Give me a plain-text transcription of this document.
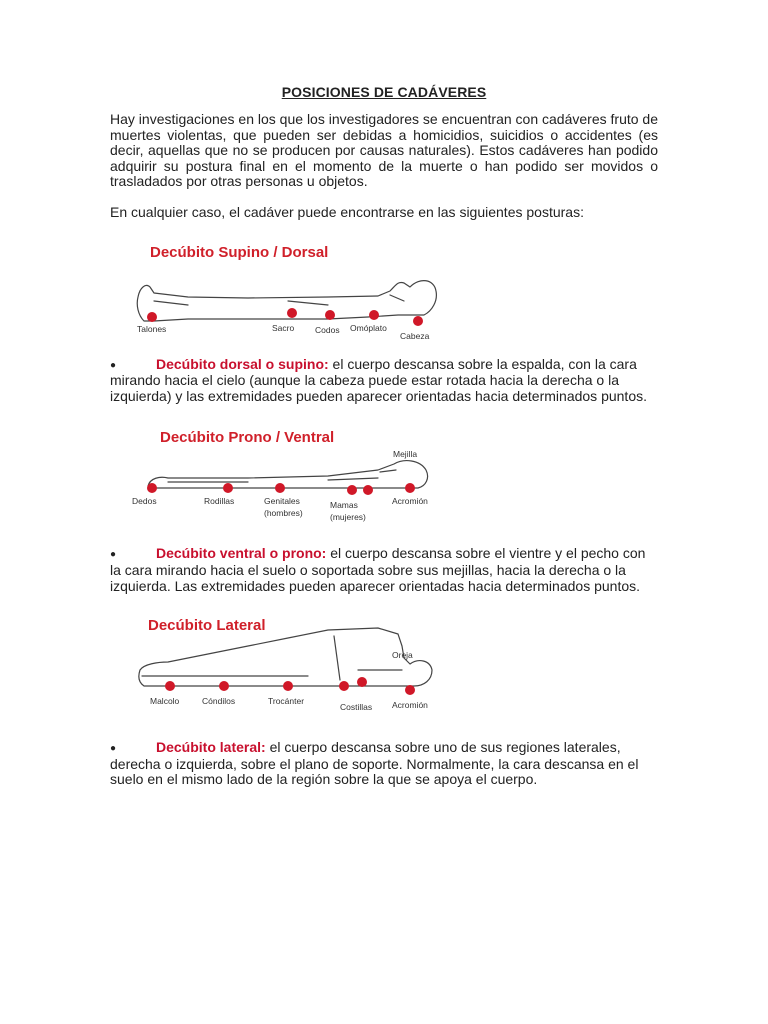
POSICIONES DE CADÁVERES

Hay investigaciones en los que los investigadores se encuentran con cadáveres fruto de muertes violentas, que pueden ser debidas a homicidios, suicidios o accidentes (es decir, aquellas que no se producen por causas naturales). Estos cadáveres han podido adquirir su postura final en el momento de la muerte o han podido ser movidos o trasladados por otras personas u objetos.

En cualquier caso, el cadáver puede encontrarse en las siguientes posturas:

Decúbito Supino / Dorsal
Talones	Sacro Codos Omóplato
Cabeza
●	Decúbito dorsal o supino: el cuerpo descansa sobre la espalda, con la cara mirando hacia el cielo (aunque la cabeza puede estar rotada hacia la derecha o la izquierda) y las extremidades pueden aparecer orientadas hacia determinados puntos.
Decúbito Prono / Ventral
Dedos	Rodillas	Genitales
(hombres)
Mamas
(mujeres)
Mejilla
Acromión
●	Decúbito ventral o prono: el cuerpo descansa sobre el vientre y el pecho con la cara mirando hacia el suelo o soportada sobre sus mejillas, hacia la derecha o la izquierda. Las extremidades pueden aparecer orientadas hacia determinados puntos.
Decúbito Lateral
Malcolo	Cóndilos	Trocánter
Costillas
Oreja
Acromión
●	Decúbito lateral: el cuerpo descansa sobre uno de sus regiones laterales, derecha o izquierda, sobre el plano de soporte. Normalmente, la cara descansa en el suelo en el mismo lado de la región sobre la que se apoya el cuerpo.
